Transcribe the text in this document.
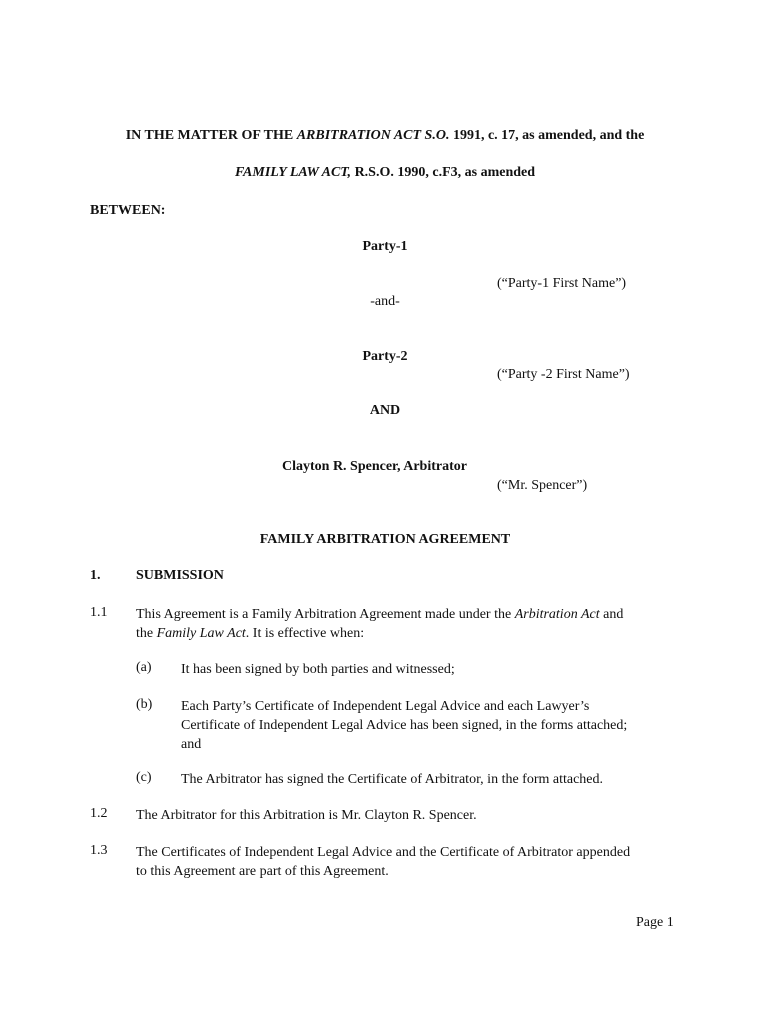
IN THE MATTER OF THE ARBITRATION ACT S.O. 1991, c. 17, as amended, and the
FAMILY LAW ACT, R.S.O. 1990, c.F3, as amended
BETWEEN:
Party-1
(“Party-1 First Name”)
-and-
Party-2
(“Party -2 First Name”)
AND
Clayton R. Spencer, Arbitrator
(“Mr. Spencer”)
FAMILY ARBITRATION AGREEMENT
1.	SUBMISSION
1.1 This Agreement is a Family Arbitration Agreement made under the Arbitration Act and
the Family Law Act. It is effective when:
(a) It has been signed by both parties and witnessed;
(b) Each Party’s Certificate of Independent Legal Advice and each Lawyer’s
Certificate of Independent Legal Advice has been signed, in the forms attached;
and
(c) The Arbitrator has signed the Certificate of Arbitrator, in the form attached.
1.2 The Arbitrator for this Arbitration is Mr. Clayton R. Spencer.
1.3 The Certificates of Independent Legal Advice and the Certificate of Arbitrator appended
to this Agreement are part of this Agreement.
Page 1
